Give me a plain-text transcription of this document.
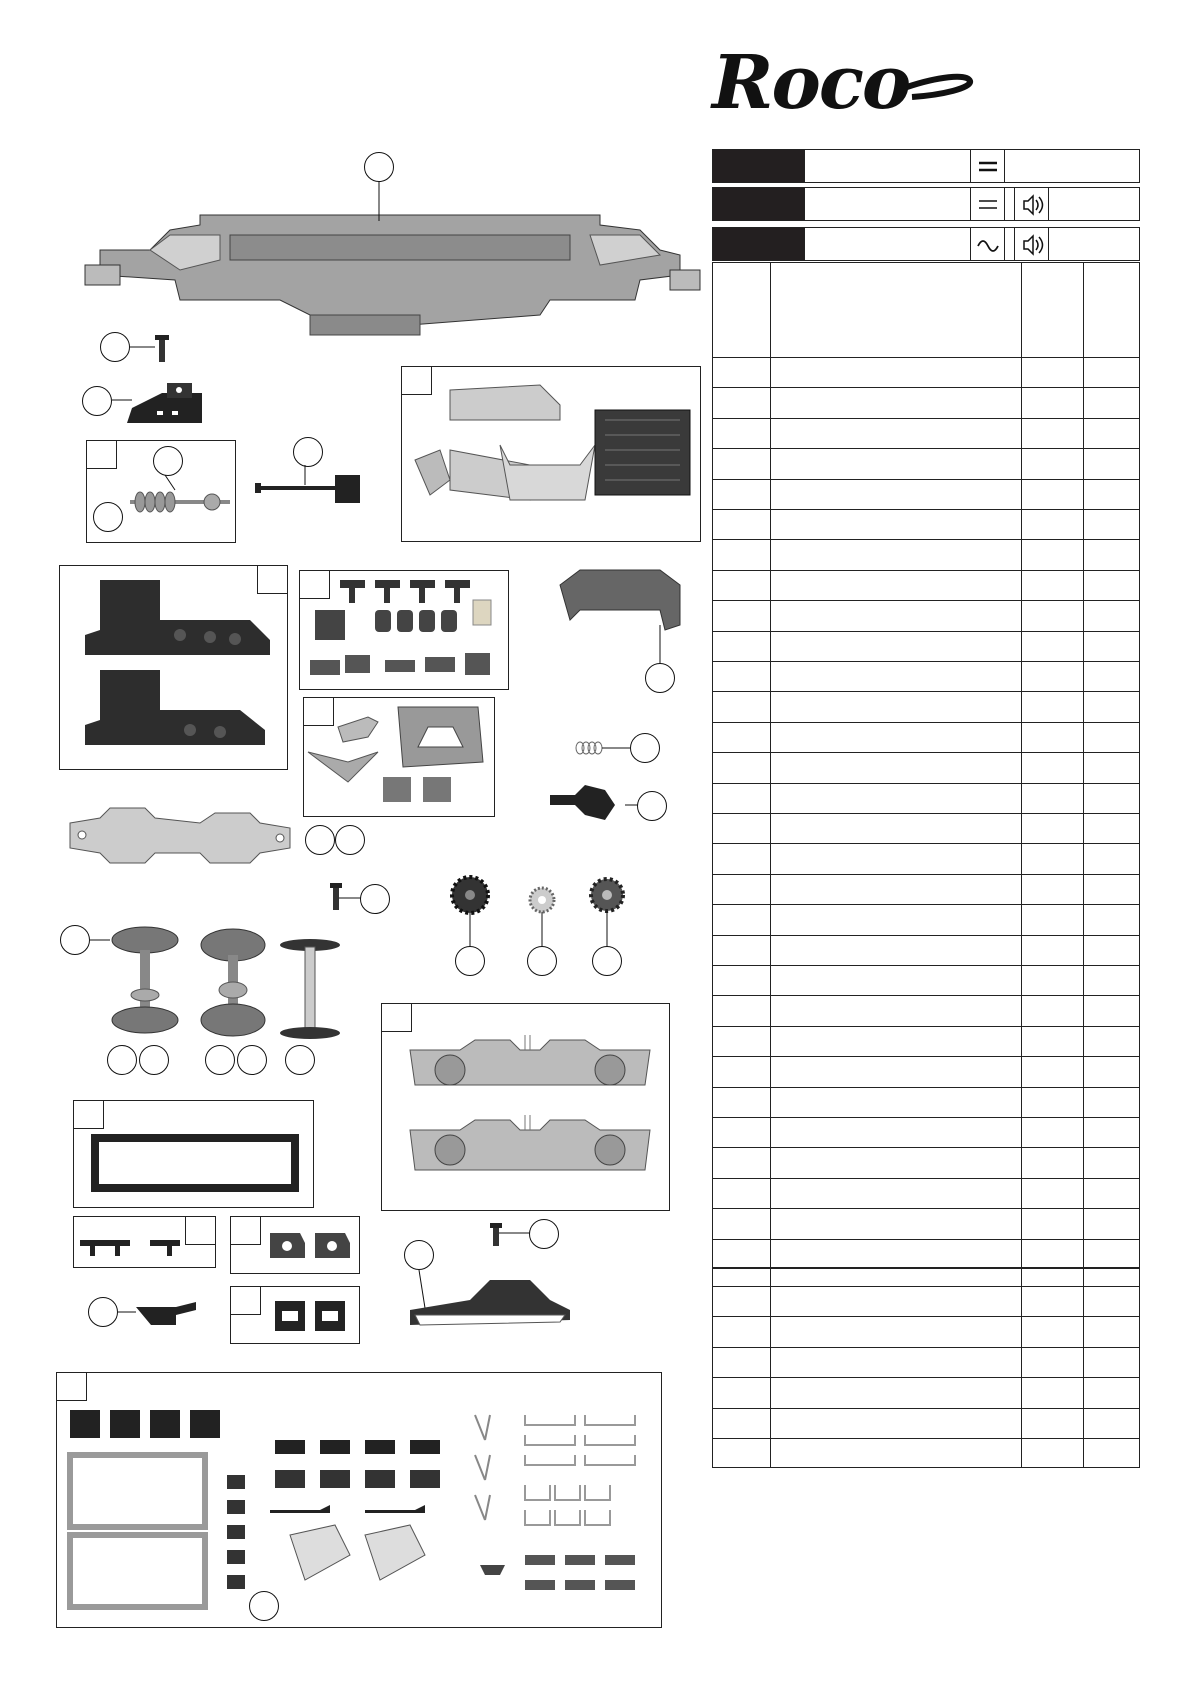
Roco
